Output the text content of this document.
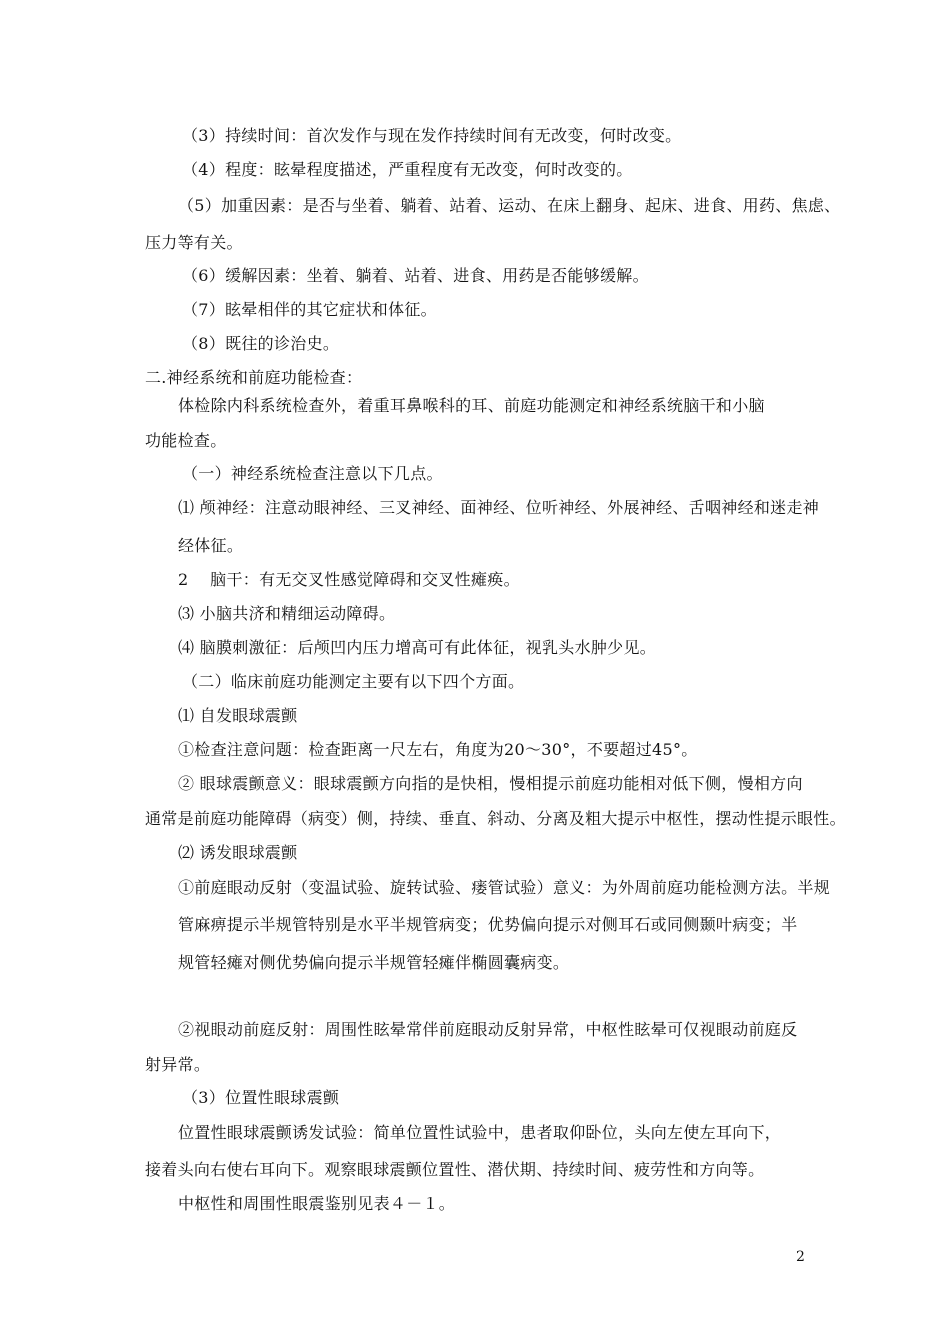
（3）持续时间：首次发作与现在发作持续时间有无改变，何时改变。
（4）程度：眩晕程度描述，严重程度有无改变，何时改变的。
（5）加重因素：是否与坐着、躺着、站着、运动、在床上翻身、起床、进食、用药、焦虑、
压力等有关。
（6）缓解因素：坐着、躺着、站着、进食、用药是否能够缓解。
（7）眩晕相伴的其它症状和体征。
（8）既往的诊治史。
二.神经系统和前庭功能检查：
体检除内科系统检查外，着重耳鼻喉科的耳、前庭功能测定和神经系统脑干和小脑
功能检查。
（一）神经系统检查注意以下几点。
⑴ 颅神经：注意动眼神经、三叉神经、面神经、位听神经、外展神经、舌咽神经和迷走神
经体征。
2　 脑干：有无交叉性感觉障碍和交叉性瘫痪。
⑶ 小脑共济和精细运动障碍。
⑷ 脑膜刺激征：后颅凹内压力增高可有此体征，视乳头水肿少见。
（二）临床前庭功能测定主要有以下四个方面。
⑴ 自发眼球震颤
①检查注意问题：检查距离一尺左右，角度为20～30°，不要超过45°。
② 眼球震颤意义：眼球震颤方向指的是快相，慢相提示前庭功能相对低下侧，慢相方向
通常是前庭功能障碍（病变）侧，持续、垂直、斜动、分离及粗大提示中枢性，摆动性提示眼性。
⑵ 诱发眼球震颤
①前庭眼动反射（变温试验、旋转试验、瘘管试验）意义：为外周前庭功能检测方法。半规
管麻痹提示半规管特别是水平半规管病变；优势偏向提示对侧耳石或同侧颞叶病变；半
规管轻瘫对侧优势偏向提示半规管轻瘫伴椭圆囊病变。
②视眼动前庭反射：周围性眩晕常伴前庭眼动反射异常，中枢性眩晕可仅视眼动前庭反
射异常。
（3）位置性眼球震颤
位置性眼球震颤诱发试验：简单位置性试验中，患者取仰卧位，头向左使左耳向下，
接着头向右使右耳向下。观察眼球震颤位置性、潜伏期、持续时间、疲劳性和方向等。
中枢性和周围性眼震鉴别见表４－１。
2
